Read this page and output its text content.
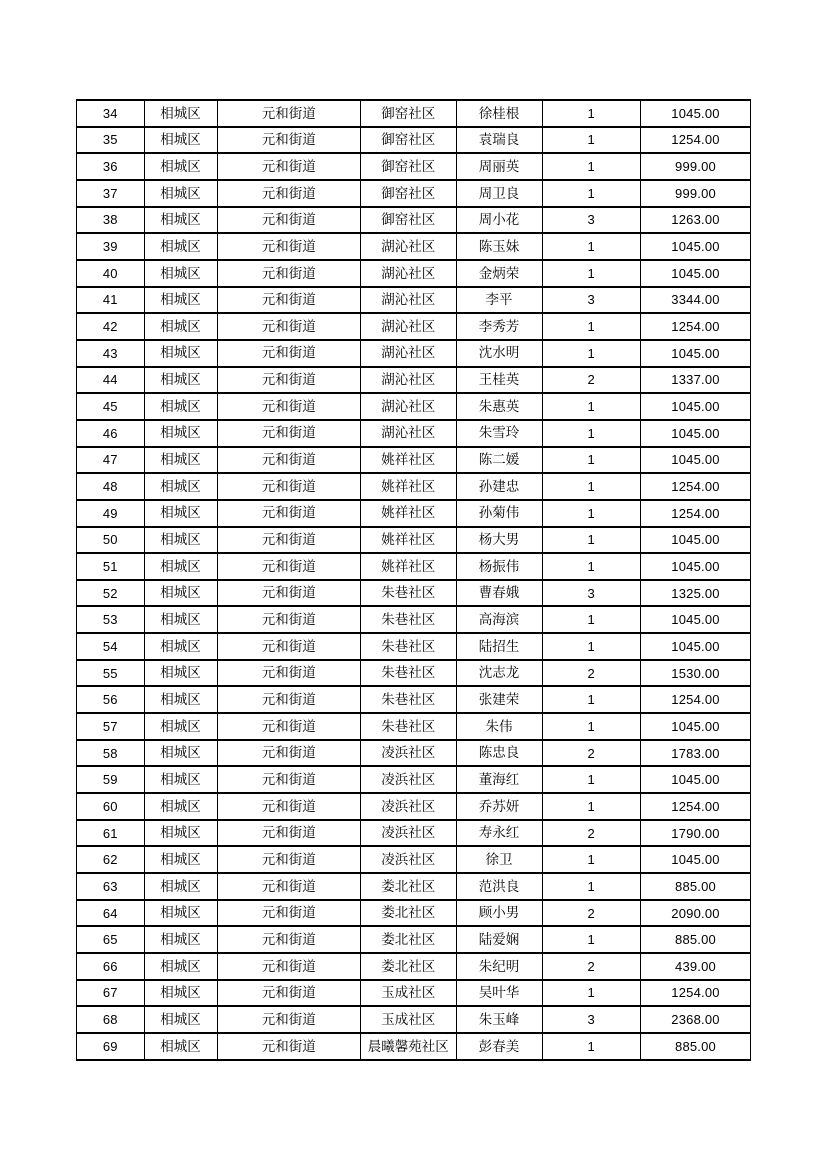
34	相城区	元和街道	御窑社区	徐桂根	1	1045.00
35	相城区	元和街道	御窑社区	袁瑞良	1	1254.00
36	相城区	元和街道	御窑社区	周丽英	1	999.00
37	相城区	元和街道	御窑社区	周卫良	1	999.00
38	相城区	元和街道	御窑社区	周小花	3	1263.00
39	相城区	元和街道	湖沁社区	陈玉妹	1	1045.00
40	相城区	元和街道	湖沁社区	金炳荣	1	1045.00
41	相城区	元和街道	湖沁社区	李平	3	3344.00
42	相城区	元和街道	湖沁社区	李秀芳	1	1254.00
43	相城区	元和街道	湖沁社区	沈水明	1	1045.00
44	相城区	元和街道	湖沁社区	王桂英	2	1337.00
45	相城区	元和街道	湖沁社区	朱惠英	1	1045.00
46	相城区	元和街道	湖沁社区	朱雪玲	1	1045.00
47	相城区	元和街道	姚祥社区	陈二媛	1	1045.00
48	相城区	元和街道	姚祥社区	孙建忠	1	1254.00
49	相城区	元和街道	姚祥社区	孙菊伟	1	1254.00
50	相城区	元和街道	姚祥社区	杨大男	1	1045.00
51	相城区	元和街道	姚祥社区	杨振伟	1	1045.00
52	相城区	元和街道	朱巷社区	曹春娥	3	1325.00
53	相城区	元和街道	朱巷社区	高海滨	1	1045.00
54	相城区	元和街道	朱巷社区	陆招生	1	1045.00
55	相城区	元和街道	朱巷社区	沈志龙	2	1530.00
56	相城区	元和街道	朱巷社区	张建荣	1	1254.00
57	相城区	元和街道	朱巷社区	朱伟	1	1045.00
58	相城区	元和街道	凌浜社区	陈忠良	2	1783.00
59	相城区	元和街道	凌浜社区	董海红	1	1045.00
60	相城区	元和街道	凌浜社区	乔苏妍	1	1254.00
61	相城区	元和街道	凌浜社区	寿永红	2	1790.00
62	相城区	元和街道	凌浜社区	徐卫	1	1045.00
63	相城区	元和街道	娄北社区	范洪良	1	885.00
64	相城区	元和街道	娄北社区	顾小男	2	2090.00
65	相城区	元和街道	娄北社区	陆爱娴	1	885.00
66	相城区	元和街道	娄北社区	朱纪明	2	439.00
67	相城区	元和街道	玉成社区	吴叶华	1	1254.00
68	相城区	元和街道	玉成社区	朱玉峰	3	2368.00
69	相城区	元和街道	晨曦馨苑社区	彭春美	1	885.00
